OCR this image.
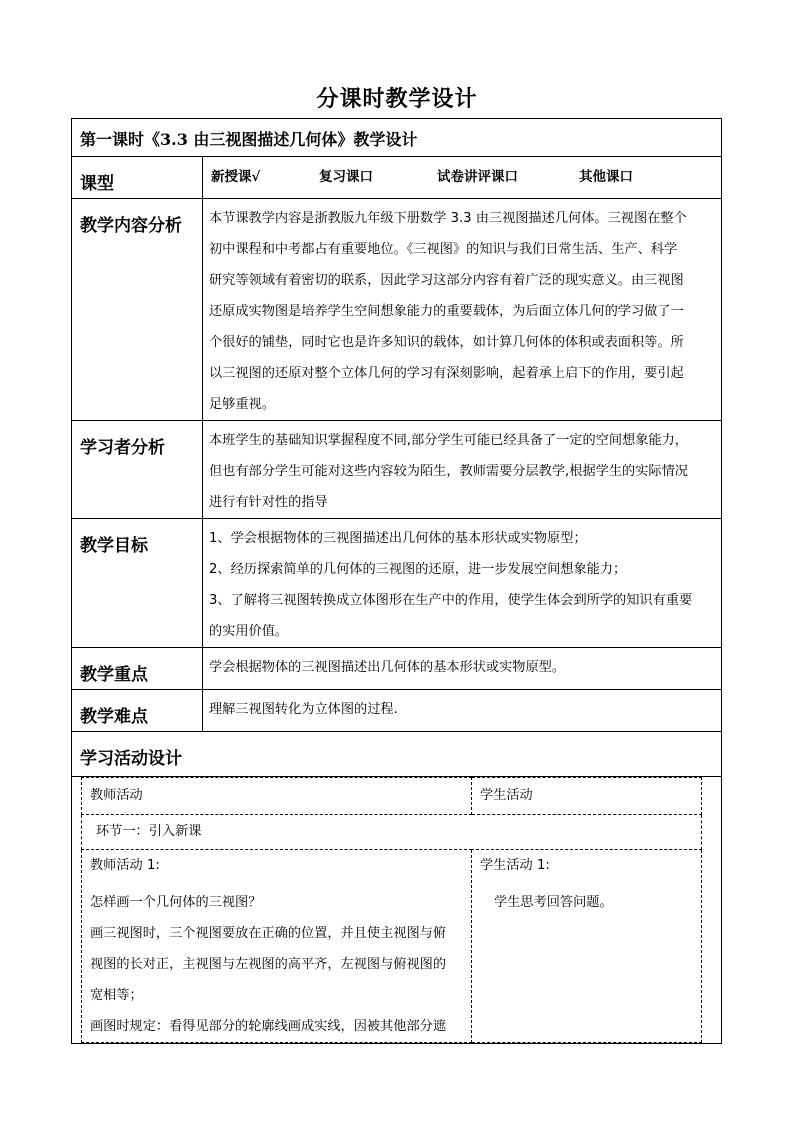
分课时教学设计
第一课时《3.3 由三视图描述几何体》教学设计
课型	新授课√	复习课口	试卷讲评课口	其他课口
教学内容分析	本节课教学内容是浙教版九年级下册数学 3.3 由三视图描述几何体。三视图在整个
初中课程和中考都占有重要地位。《三视图》的知识与我们日常生活、生产、科学
研究等领域有着密切的联系，因此学习这部分内容有着广泛的现实意义。由三视图
还原成实物图是培养学生空间想象能力的重要载体，为后面立体几何的学习做了一
个很好的铺垫，同时它也是许多知识的载体，如计算几何体的体积或表面积等。所
以三视图的还原对整个立体几何的学习有深刻影响，起着承上启下的作用，要引起
足够重视。

学习者分析	本班学生的基础知识掌握程度不同,部分学生可能已经具备了一定的空间想象能力，
但也有部分学生可能对这些内容较为陌生，教师需要分层教学,根据学生的实际情况
进行有针对性的指导

教学目标	1、学会根据物体的三视图描述出几何体的基本形状或实物原型；
2、经历探索简单的几何体的三视图的还原，进一步发展空间想象能力；
3、了解将三视图转换成立体图形在生产中的作用，使学生体会到所学的知识有重要
的实用价值。

教学重点	学会根据物体的三视图描述出几何体的基本形状或实物原型。
教学难点	理解三视图转化为立体图的过程.
学习活动设计

教师活动	学生活动

环节一：引入新课

教师活动 1:
怎样画一个几何体的三视图？
画三视图时，三个视图要放在正确的位置，并且使主视图与俯
视图的长对正，主视图与左视图的高平齐，左视图与俯视图的
宽相等；
画图时规定：看得见部分的轮廓线画成实线，因被其他部分遮

学生活动 1:
学生思考回答问题。
